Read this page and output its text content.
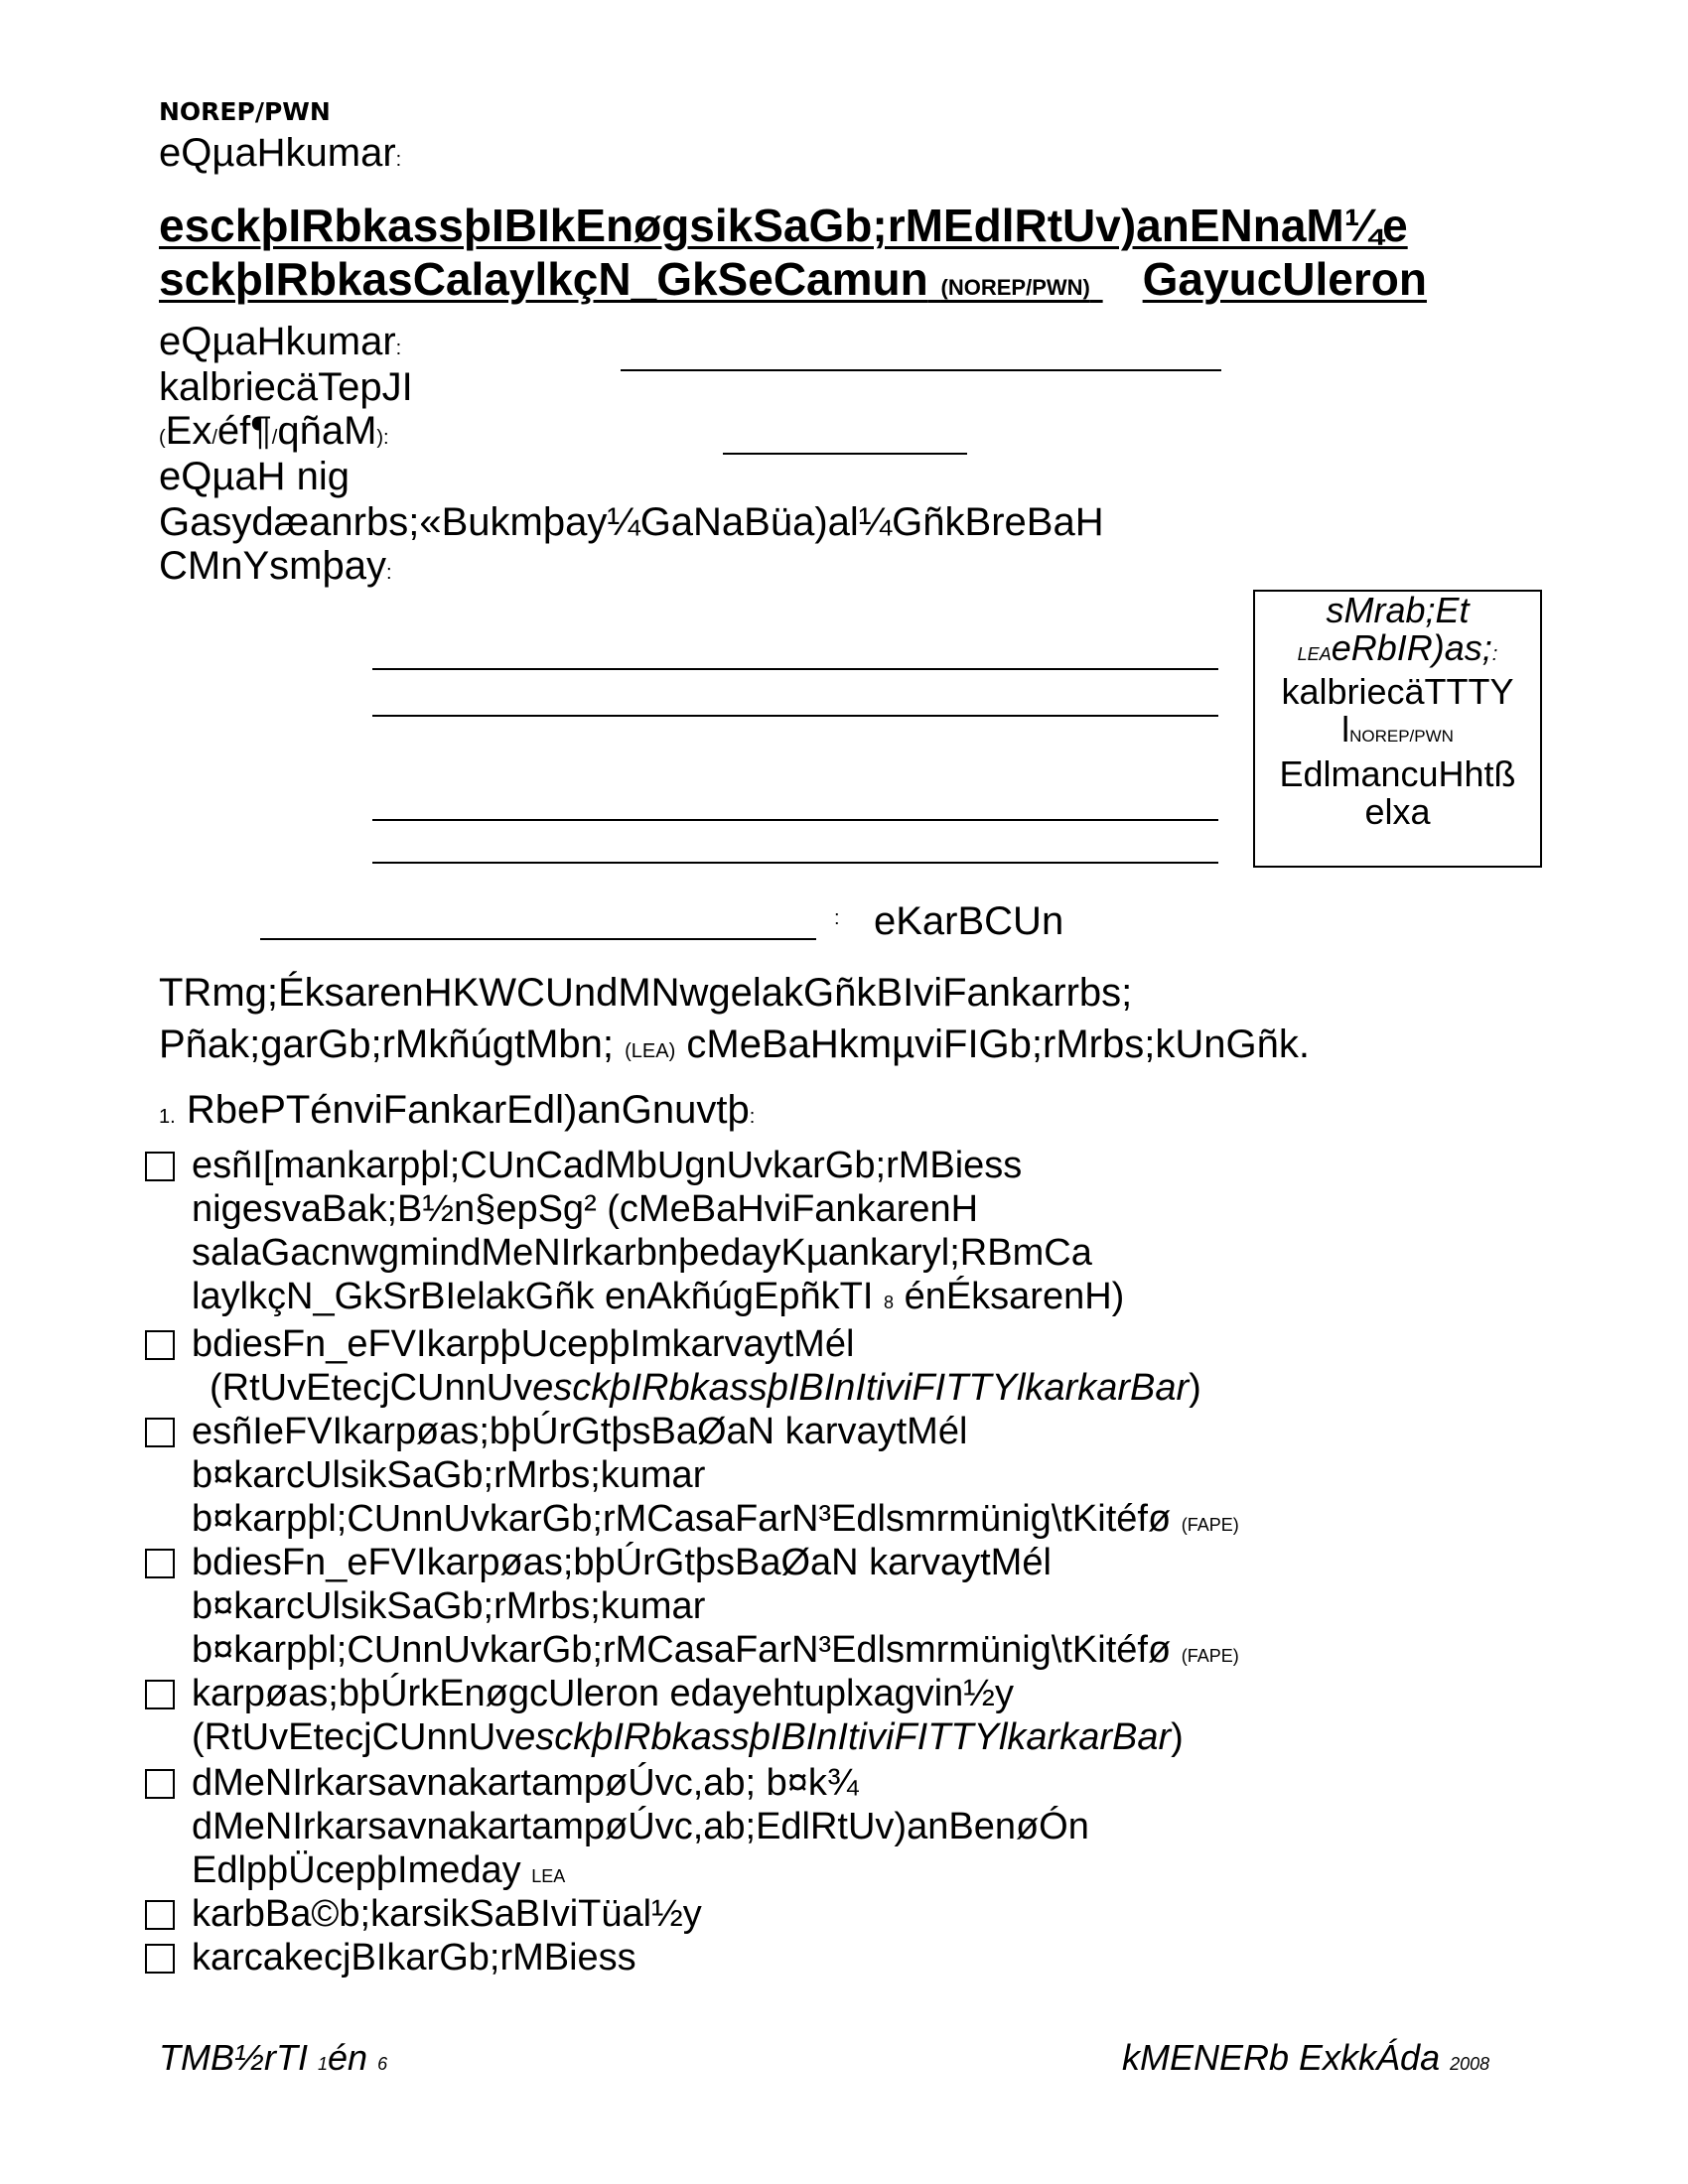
NOREP/PWN
eQµaHkumar:
esckþIRbkassþIBIkEnøgsikSaGb;rMEdlRtUv)anENnaM¼e
sckþIRbkasCalaylkçN_GkSeCamun (NOREP/PWN) GayucUleron
eQµaHkumar:
kalbriecäTepJI
(Ex/éf¶/qñaM):
eQµaH nig
Gasydæanrbs;«Bukmþay¼GaNaBüa)al¼GñkBreBaH
CMnYsmþay:
sMrab;Et
LEAeRbIR)as;:
kalbriecäTTTY
lNOREP/PWN
EdlmancuHhtß
elxa
: eKarBCUn
TRmg;ÉksarenHKWCUndMNwgelakGñkBIviFankarrbs;
Pñak;garGb;rMkñúgtMbn; (LEA) cMeBaHkmµviFIGb;rMrbs;kUnGñk.
1. RbePTénviFankarEdl)anGnuvtþ:
esñI[mankarpþl;CUnCadMbUgnUvkarGb;rMBiess
nigesvaBak;B½n§epSg² (cMeBaHviFankarenH
salaGacnwgmindMeNIrkarbnþedayKµankaryl;RBmCa
laylkçN_GkSrBIelakGñk enAkñúgEpñkTI 8 énÉksarenH)
bdiesFn_eFVIkarpþUcepþImkarvaytMél
(RtUvEtecjCUnnUvesckþIRbkassþIBInItiviFITTYlkarkarBar)
esñIeFVIkarpøas;bþÚrGtþsBaØaN karvaytMél
b¤karcUlsikSaGb;rMrbs;kumar
b¤karpþl;CUnnUvkarGb;rMCasaFarN³Edlsmrmünig\tKitéfø (FAPE)
bdiesFn_eFVIkarpøas;bþÚrGtþsBaØaN karvaytMél
b¤karcUlsikSaGb;rMrbs;kumar
b¤karpþl;CUnnUvkarGb;rMCasaFarN³Edlsmrmünig\tKitéfø (FAPE)
karpøas;bþÚrkEnøgcUleron edayehtuplxagvin½y
(RtUvEtecjCUnnUvesckþIRbkassþIBInItiviFITTYlkarkarBar)
dMeNIrkarsavnakartampøÚvc,ab; b¤k¾
dMeNIrkarsavnakartampøÚvc,ab;EdlRtUv)anBenøÓn
EdlpþÜcepþImeday LEA
karbBa©b;karsikSaBIviTüal½y
karcakecjBIkarGb;rMBiess
TMB½rTI 1én 6	kMENERb ExkkÁda 2008
